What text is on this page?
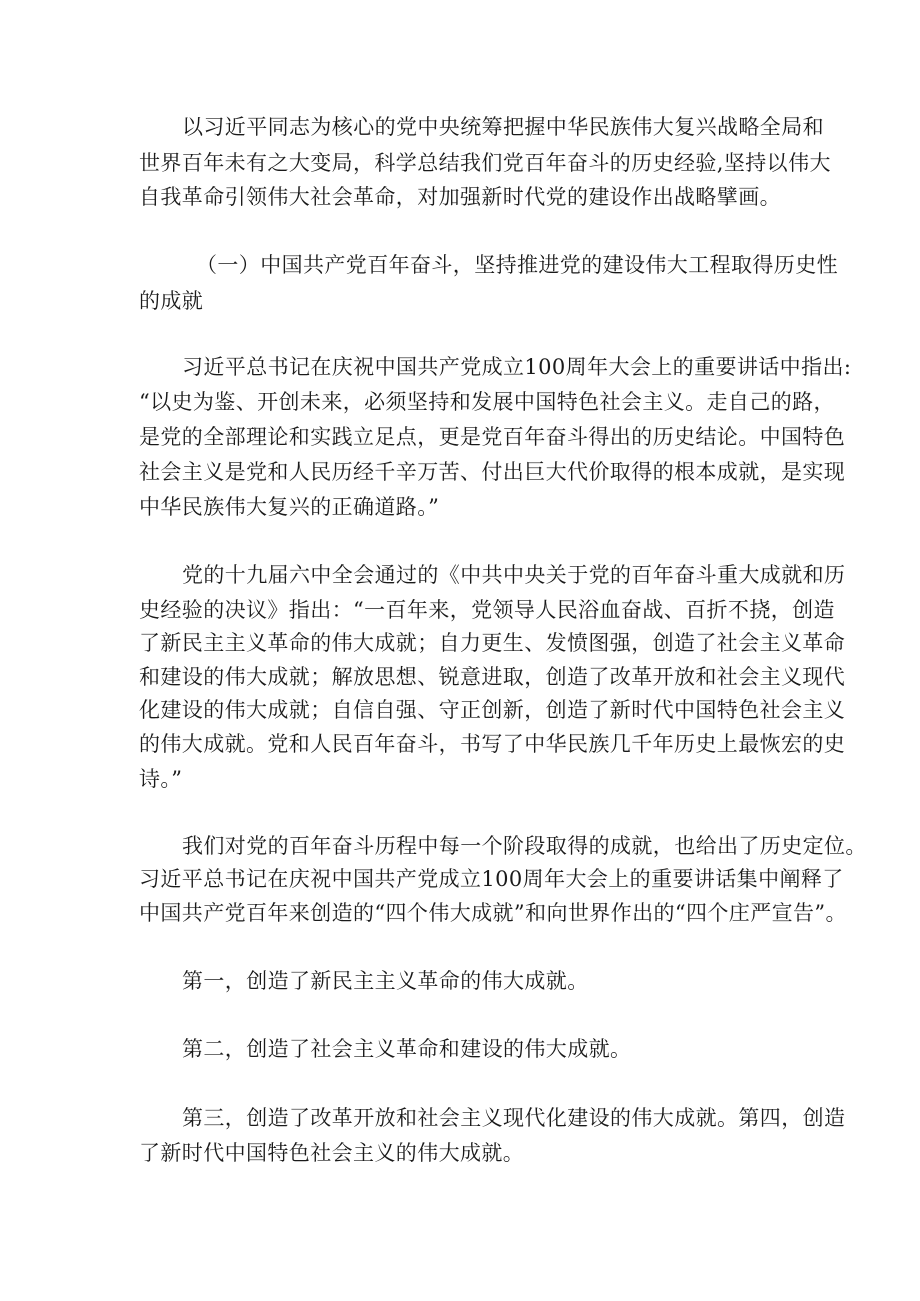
以习近平同志为核心的党中央统筹把握中华民族伟大复兴战略全局和
世界百年未有之大变局，科学总结我们党百年奋斗的历史经验,坚持以伟大
自我革命引领伟大社会革命，对加强新时代党的建设作出战略擘画。
（一）中国共产党百年奋斗，坚持推进党的建设伟大工程取得历史性
的成就
习近平总书记在庆祝中国共产党成立100周年大会上的重要讲话中指出:
“以史为鉴、开创未来，必须坚持和发展中国特色社会主义。走自己的路，
是党的全部理论和实践立足点，更是党百年奋斗得出的历史结论。中国特色
社会主义是党和人民历经千辛万苦、付出巨大代价取得的根本成就，是实现
中华民族伟大复兴的正确道路。”
党的十九届六中全会通过的《中共中央关于党的百年奋斗重大成就和历
史经验的决议》指出：“一百年来，党领导人民浴血奋战、百折不挠，创造
了新民主主义革命的伟大成就；自力更生、发愤图强，创造了社会主义革命
和建设的伟大成就；解放思想、锐意进取，创造了改革开放和社会主义现代
化建设的伟大成就；自信自强、守正创新，创造了新时代中国特色社会主义
的伟大成就。党和人民百年奋斗，书写了中华民族几千年历史上最恢宏的史
诗。”
我们对党的百年奋斗历程中每一个阶段取得的成就，也给出了历史定位。
习近平总书记在庆祝中国共产党成立100周年大会上的重要讲话集中阐释了
中国共产党百年来创造的“四个伟大成就”和向世界作出的“四个庄严宣告”。
第一，创造了新民主主义革命的伟大成就。
第二，创造了社会主义革命和建设的伟大成就。
第三，创造了改革开放和社会主义现代化建设的伟大成就。第四，创造
了新时代中国特色社会主义的伟大成就。
